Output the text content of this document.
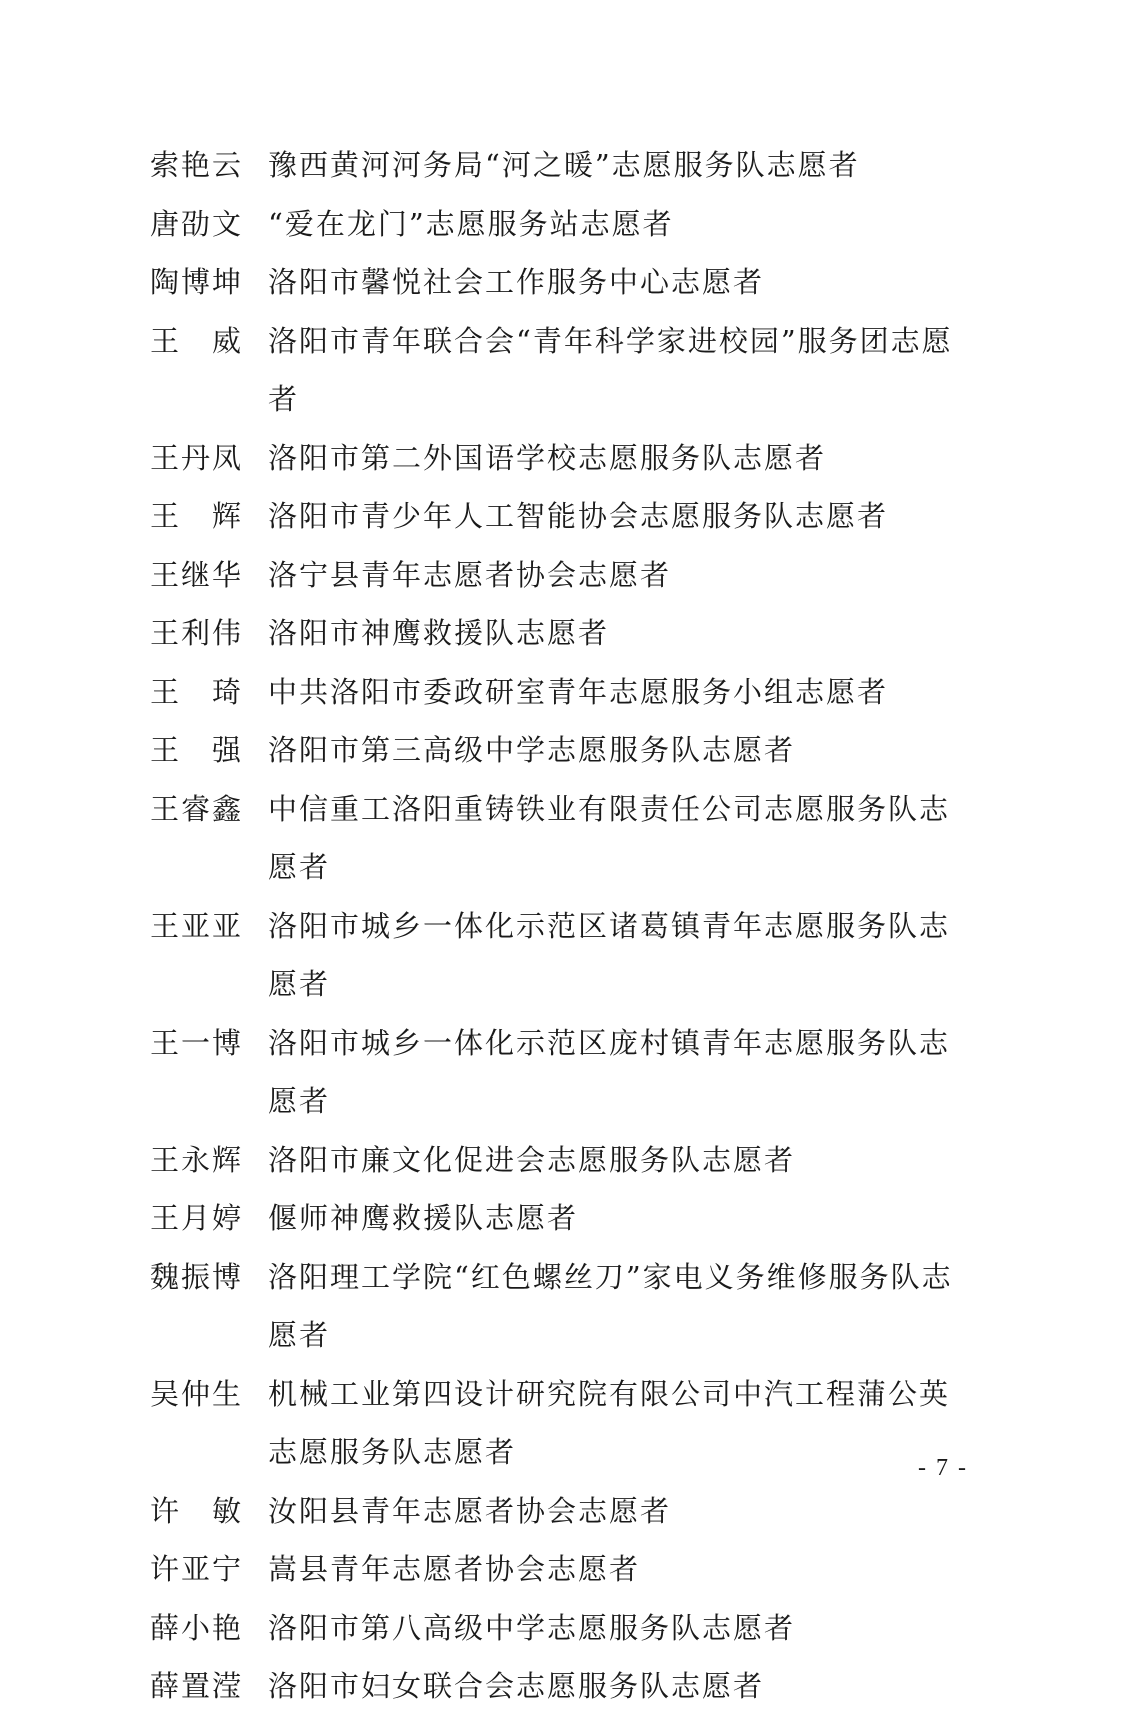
索艳云 豫西黄河河务局“河之暖”志愿服务队志愿者
唐劭文 “爱在龙门”志愿服务站志愿者
陶博坤 洛阳市馨悦社会工作服务中心志愿者
王　威 洛阳市青年联合会“青年科学家进校园”服务团志愿者
王丹凤 洛阳市第二外国语学校志愿服务队志愿者
王　辉 洛阳市青少年人工智能协会志愿服务队志愿者
王继华 洛宁县青年志愿者协会志愿者
王利伟 洛阳市神鹰救援队志愿者
王　琦 中共洛阳市委政研室青年志愿服务小组志愿者
王　强 洛阳市第三高级中学志愿服务队志愿者
王睿鑫 中信重工洛阳重铸铁业有限责任公司志愿服务队志愿者
王亚亚 洛阳市城乡一体化示范区诸葛镇青年志愿服务队志愿者
王一博 洛阳市城乡一体化示范区庞村镇青年志愿服务队志愿者
王永辉 洛阳市廉文化促进会志愿服务队志愿者
王月婷 偃师神鹰救援队志愿者
魏振博 洛阳理工学院“红色螺丝刀”家电义务维修服务队志愿者
吴仲生 机械工业第四设计研究院有限公司中汽工程蒲公英志愿服务队志愿者
许　敏 汝阳县青年志愿者协会志愿者
许亚宁 嵩县青年志愿者协会志愿者
薛小艳 洛阳市第八高级中学志愿服务队志愿者
薛置滢 洛阳市妇女联合会志愿服务队志愿者
- 7 -
